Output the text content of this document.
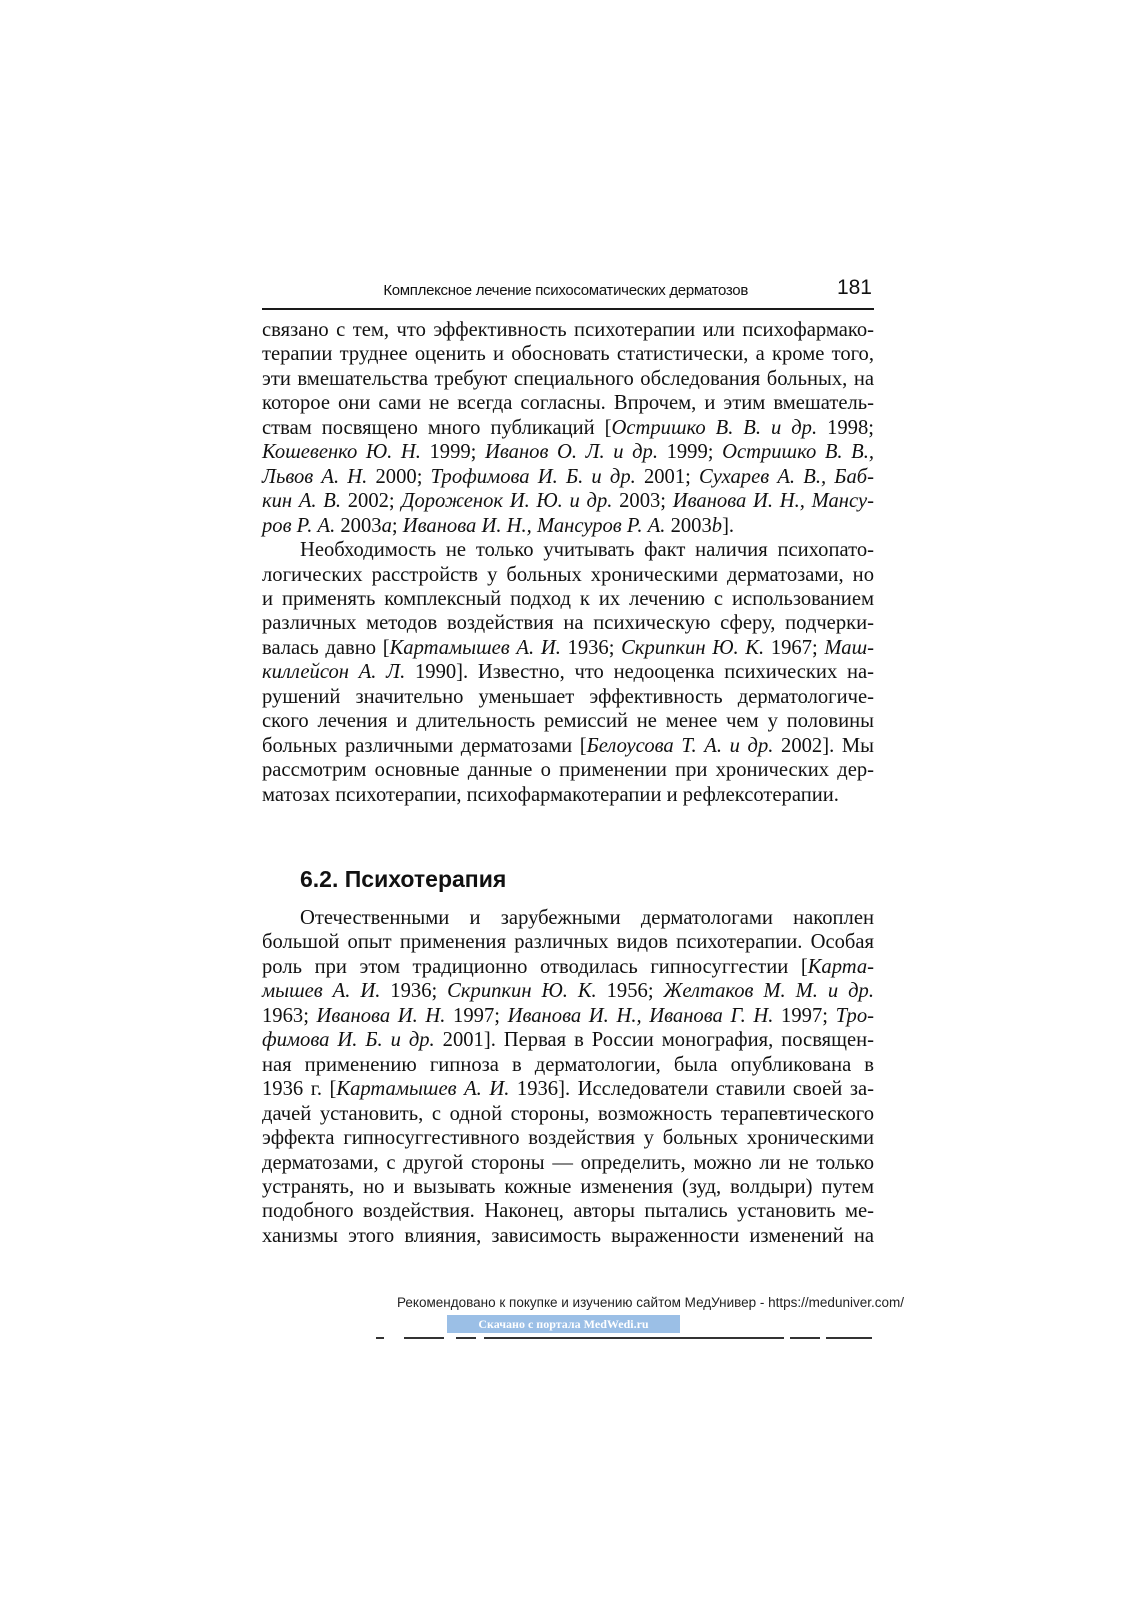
Комплексное лечение психосоматических дерматозов	181
связано с тем, что эффективность психотерапии или психофармако-
терапии труднее оценить и обосновать статистически, а кроме того,
эти вмешательства требуют специального обследования больных, на
которое они сами не всегда согласны. Впрочем, и этим вмешатель-
ствам посвящено много публикаций [Остришко В. В. и др. 1998;
Кошевенко Ю. Н. 1999; Иванов О. Л. и др. 1999; Остришко В. В.,
Львов А. Н. 2000; Трофимова И. Б. и др. 2001; Сухарев А. В., Баб-
кин А. В. 2002; Дороженок И. Ю. и др. 2003; Иванова И. Н., Мансу-
ров Р. А. 2003a; Иванова И. Н., Мансуров Р. А. 2003b].
Необходимость не только учитывать факт наличия психопато-
логических расстройств у больных хроническими дерматозами, но
и применять комплексный подход к их лечению с использованием
различных методов воздействия на психическую сферу, подчерки-
валась давно [Картамышев А. И. 1936; Скрипкин Ю. К. 1967; Маш-
киллейсон А. Л. 1990]. Известно, что недооценка психических на-
рушений значительно уменьшает эффективность дерматологиче-
ского лечения и длительность ремиссий не менее чем у половины
больных различными дерматозами [Белоусова Т. А. и др. 2002]. Мы
рассмотрим основные данные о применении при хронических дер-
матозах психотерапии, психофармакотерапии и рефлексотерапии.
6.2. Психотерапия
Отечественными и зарубежными дерматологами накоплен
большой опыт применения различных видов психотерапии. Особая
роль при этом традиционно отводилась гипносуггестии [Карта-
мышев А. И. 1936; Скрипкин Ю. К. 1956; Желтаков М. М. и др.
1963; Иванова И. Н. 1997; Иванова И. Н., Иванова Г. Н. 1997; Тро-
фимова И. Б. и др. 2001]. Первая в России монография, посвящен-
ная применению гипноза в дерматологии, была опубликована в
1936 г. [Картамышев А. И. 1936]. Исследователи ставили своей за-
дачей установить, с одной стороны, возможность терапевтического
эффекта гипносуггестивного воздействия у больных хроническими
дерматозами, с другой стороны — определить, можно ли не только
устранять, но и вызывать кожные изменения (зуд, волдыри) путем
подобного воздействия. Наконец, авторы пытались установить ме-
ханизмы этого влияния, зависимость выраженности изменений на
Рекомендовано к покупке и изучению сайтом МедУнивер - https://meduniver.com/
Скачано с портала MedWedi.ru
